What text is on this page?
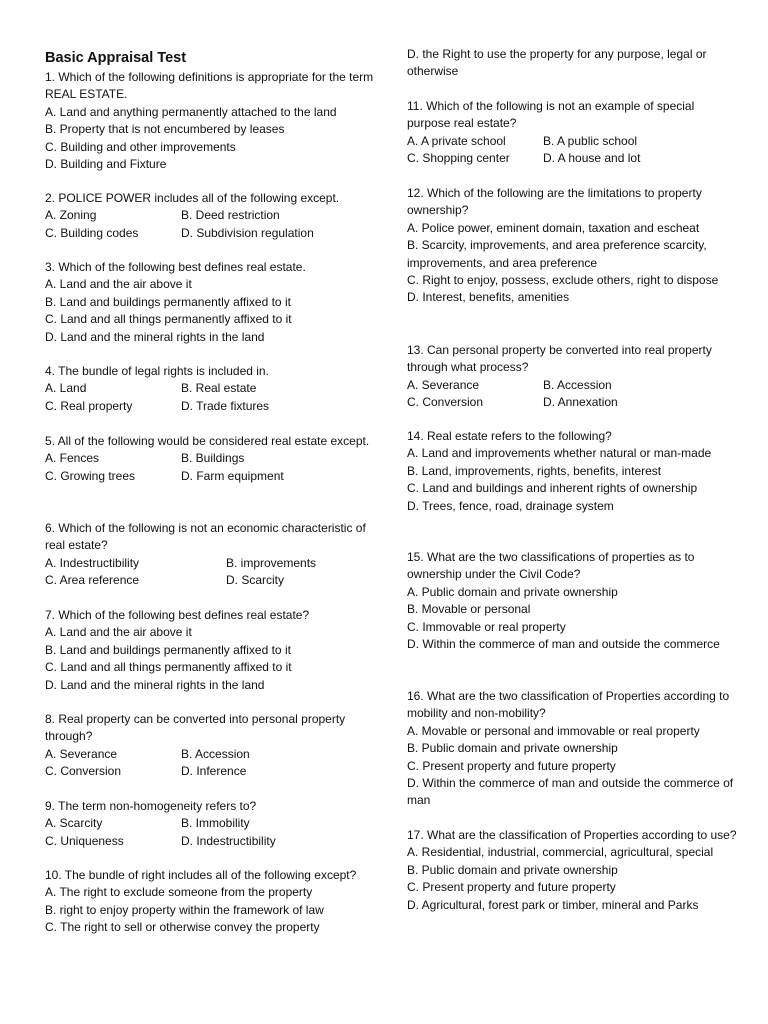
Basic Appraisal Test

1. Which of the following definitions is appropriate for the term REAL ESTATE.

A. Land and anything permanently attached to the land
B. Property that is not encumbered by leases
C. Building and other improvements
D. Building and Fixture

2. POLICE POWER includes all of the following except.

A. Zoning	B. Deed restriction
C. Building codes	D. Subdivision regulation

3. Which of the following best defines real estate.

A. Land and the air above it
B. Land and buildings permanently affixed to it
C. Land and all things permanently affixed to it
D. Land and the mineral rights in the land

4. The bundle of legal rights is included in.

A. Land	B. Real estate
C. Real property	D. Trade fixtures

5. All of the following would be considered real estate except.

A. Fences	B. Buildings
C. Growing trees	D. Farm equipment

6. Which of the following is not an economic characteristic of real estate?

A. Indestructibility	B. improvements
C. Area reference	D. Scarcity

7. Which of the following best defines real estate?

A. Land and the air above it
B. Land and buildings permanently affixed to it
C. Land and all things permanently affixed to it
D. Land and the mineral rights in the land

8. Real property can be converted into personal property through?

A. Severance	B. Accession
C. Conversion	D. Inference

9. The term non-homogeneity refers to?

A. Scarcity	B. Immobility
C. Uniqueness	D. Indestructibility

10. The bundle of right includes all of the following except?

A. The right to exclude someone from the property
B. right to enjoy property within the framework of law
C. The right to sell or otherwise convey the property
D. the Right to use the property for any purpose, legal or otherwise

11. Which of the following is not an example of special purpose real estate?

A. A private school	B. A public school
C. Shopping center	D. A house and lot

12. Which of the following are the limitations to property ownership?

A. Police power, eminent domain, taxation and escheat
B. Scarcity, improvements, and area preference scarcity, improvements, and area preference
C. Right to enjoy, possess, exclude others, right to dispose
D. Interest, benefits, amenities

13. Can personal property be converted into real property through what process?

A. Severance	B. Accession
C. Conversion	D. Annexation

14. Real estate refers to the following?

A. Land and improvements whether natural or man-made
B. Land, improvements, rights, benefits, interest
C. Land and buildings and inherent rights of ownership
D. Trees, fence, road, drainage system

15. What are the two classifications of properties as to ownership under the Civil Code?

A. Public domain and private ownership
B. Movable or personal
C. Immovable or real property
D. Within the commerce of man and outside the commerce

16. What are the two classification of Properties according to mobility and non-mobility?

A. Movable or personal and immovable or real property
B. Public domain and private ownership
C. Present property and future property
D. Within the commerce of man and outside the commerce of man

17. What are the classification of Properties according to use?

A. Residential, industrial, commercial, agricultural, special
B. Public domain and private ownership
C. Present property and future property
D. Agricultural, forest park or timber, mineral and Parks
